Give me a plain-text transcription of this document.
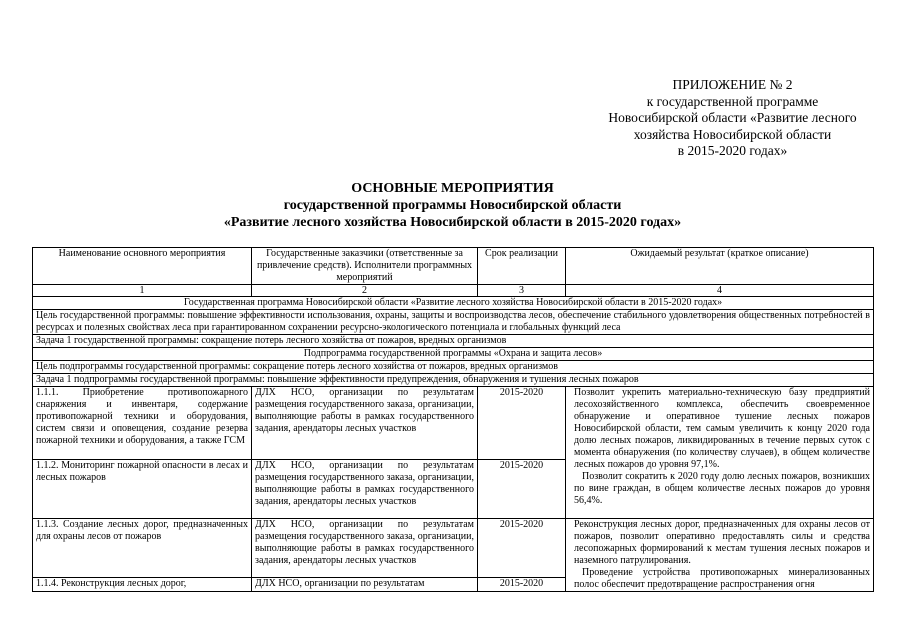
ПРИЛОЖЕНИЕ № 2
к государственной программе
Новосибирской области «Развитие лесного
хозяйства Новосибирской области
в 2015-2020 годах»
ОСНОВНЫЕ МЕРОПРИЯТИЯ
государственной программы Новосибирской области
«Развитие лесного хозяйства Новосибирской области в 2015-2020 годах»
Наименование основного мероприятия	Государственные заказчики (ответственные за привлечение средств). Исполнители программных мероприятий	Срок реализации	Ожидаемый результат (краткое описание)
1	2	3	4
Государственная программа Новосибирской области «Развитие лесного хозяйства Новосибирской области в 2015-2020 годах»			
Цель государственной программы: повышение эффективности использования, охраны, защиты и воспроизводства лесов, обеспечение стабильного удовлетворения общественных потребностей в ресурсах и полезных свойствах леса при гарантированном сохранении ресурсно-экологического потенциала и глобальных функций леса			
Задача 1 государственной программы: сокращение потерь лесного хозяйства от пожаров, вредных организмов			
Подпрограмма государственной программы «Охрана и защита лесов»			
Цель подпрограммы государственной программы: сокращение потерь лесного хозяйства от пожаров, вредных организмов			
Задача 1 подпрограммы государственной программы: повышение эффективности предупреждения, обнаружения и тушения лесных пожаров			
1.1.1. Приобретение противопожарного снаряжения и инвентаря, содержание противопожарной техники и оборудования, систем связи и оповещения, создание резерва пожарной техники и оборудования, а также ГСМ	ДЛХ НСО, организации по результатам размещения государственного заказа, организации, выполняющие работы в рамках государственного задания, арендаторы лесных участков	2015-2020	Позволит укрепить материально-техническую базу предприятий лесохозяйственного комплекса, обеспечить своевременное обнаружение и оперативное тушение лесных пожаров Новосибирской области, тем самым увеличить к концу 2020 года долю лесных пожаров, ликвидированных в течение первых суток с момента обнаружения (по количеству случаев), в общем количестве лесных пожаров до уровня 97,1%.

Позволит сократить к 2020 году долю лесных пожаров, возникших по вине граждан, в общем количестве лесных пожаров до уровня 56,4%.

1.1.2. Мониторинг пожарной опасности в лесах и лесных пожаров	ДЛХ НСО, организации по результатам размещения государственного заказа, организации, выполняющие работы в рамках государственного задания, арендаторы лесных участков	2015-2020	
1.1.3. Создание лесных дорог, предназначенных для охраны лесов от пожаров	ДЛХ НСО, организации по результатам размещения государственного заказа, организации, выполняющие работы в рамках государственного задания, арендаторы лесных участков	2015-2020	Реконструкция лесных дорог, предназначенных для охраны лесов от пожаров, позволит оперативно предоставлять силы и средства лесопожарных формирований к местам тушения лесных пожаров и наземного патрулирования.

Проведение устройства противопожарных минерализованных полос обеспечит предотвращение распространения огня

1.1.4. Реконструкция лесных дорог,	ДЛХ НСО, организации по результатам	2015-2020	
